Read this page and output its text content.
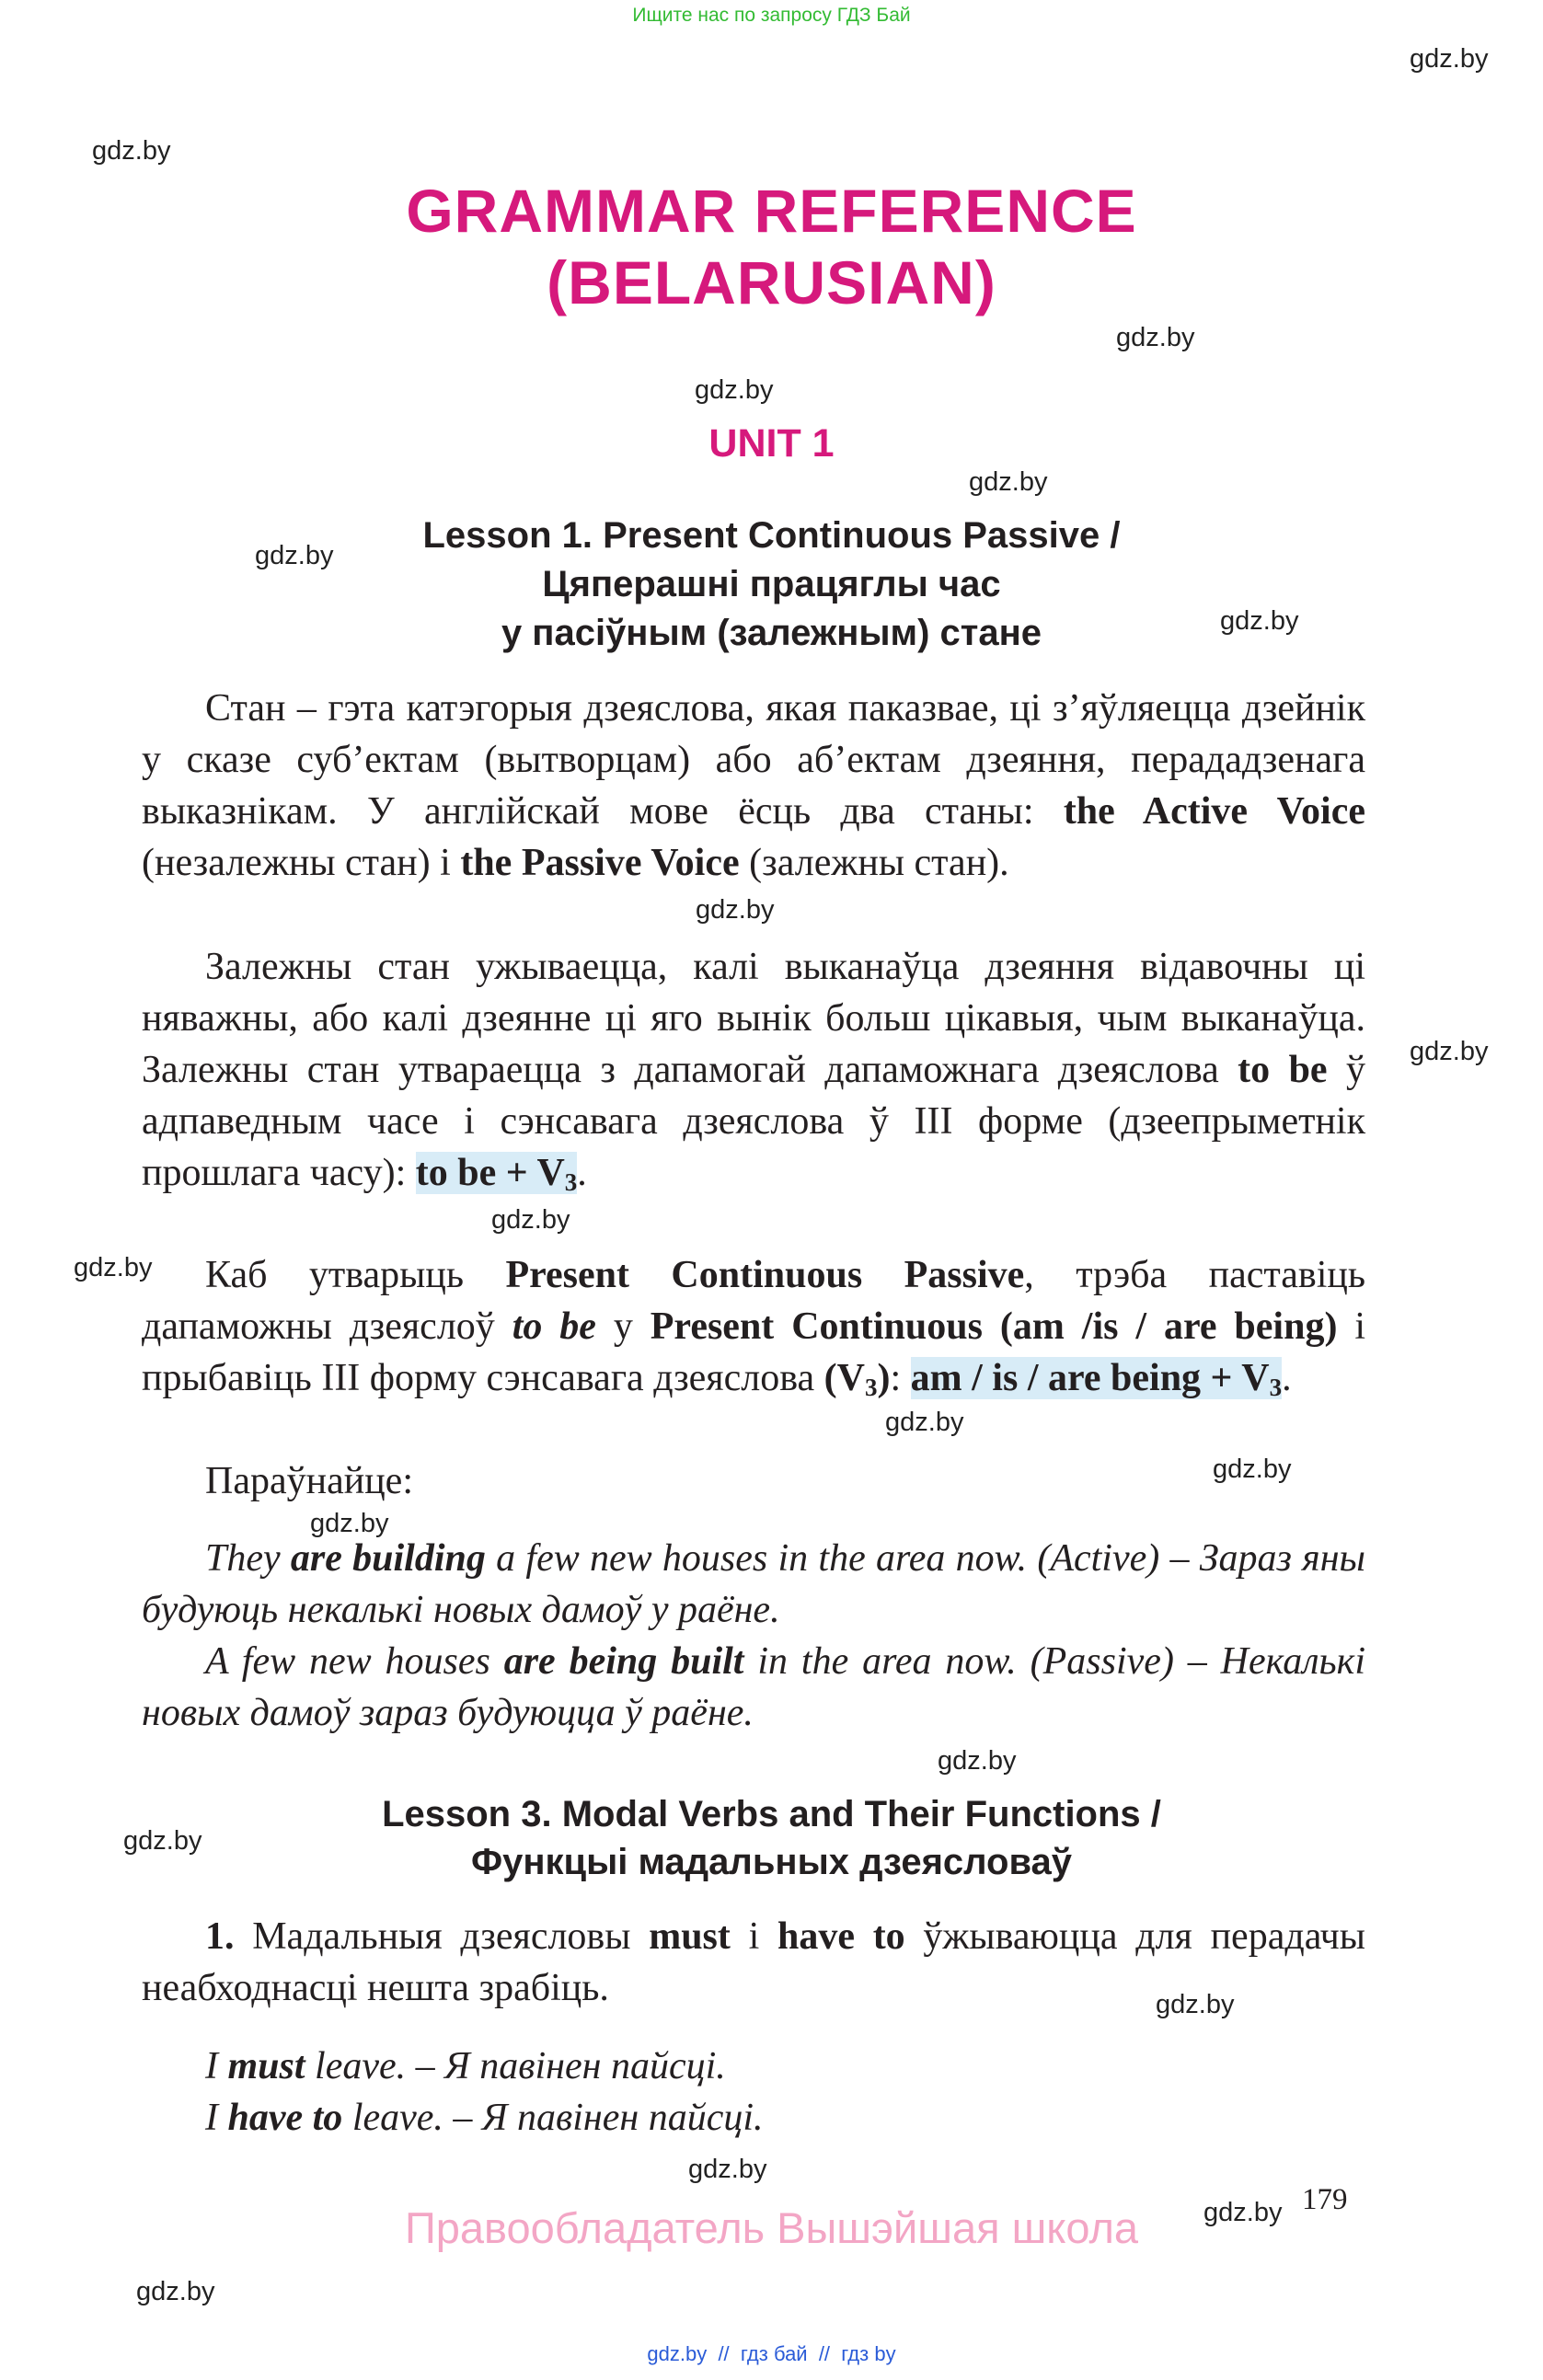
Ищите нас по запросу ГДЗ Бай
gdz.by
gdz.by
gdz.by
gdz.by
gdz.by
gdz.by
gdz.by
gdz.by
gdz.by
gdz.by
gdz.by
gdz.by
gdz.by
gdz.by
gdz.by
gdz.by
gdz.by
gdz.by
gdz.by
gdz.by
GRAMMAR REFERENCE
(BELARUSIAN)
UNIT 1
Lesson 1. Present Continuous Passive /
Цяперашні працяглы час
у пасіўным (залежным) стане
Стан – гэта катэгорыя дзеяслова, якая паказвае, ці з’яўляецца дзейнік у сказе суб’ектам (вытворцам) або аб’ектам дзеяння, перададзенага выказнікам. У англійскай мове ёсць два станы: the Active Voice (незалежны стан) і the Passive Voice (залежны стан).
Залежны стан ужываецца, калі выканаўца дзеяння відавочны ці няважны, або калі дзеянне ці яго вынік больш цікавыя, чым выканаўца. Залежны стан утвараецца з дапамогай дапаможнага дзеяслова to be ў адпаведным часе і сэнсавага дзеяслова ў III форме (дзеепрыметнік прошлага часу): to be + $V_3$.
Каб утварыць Present Continuous Passive, трэба паставіць дапаможны дзеяслоў to be у Present Continuous (am /is / are being) і прыбавіць III форму сэнсавага дзеяслова $(V_3)$: am / is / are being + $V_3$.
Параўнайце:
They are building a few new houses in the area now. (Active) – Зараз яны будуюць некалькі новых дамоў у раёне.
A few new houses are being built in the area now. (Passive) – Некалькі новых дамоў зараз будуюцца ў раёне.
Lesson 3. Modal Verbs and Their Functions /
Функцыі мадальных дзеясловаў
1. Мадальныя дзеясловы must і have to ўжываюцца для перадачы неабходнасці нешта зрабіць.
I must leave. – Я павінен пайсці.
I have to leave. – Я павінен пайсці.
179
Правообладатель Вышэйшая школа
gdz.by  //  гдз бай  //  гдз by
